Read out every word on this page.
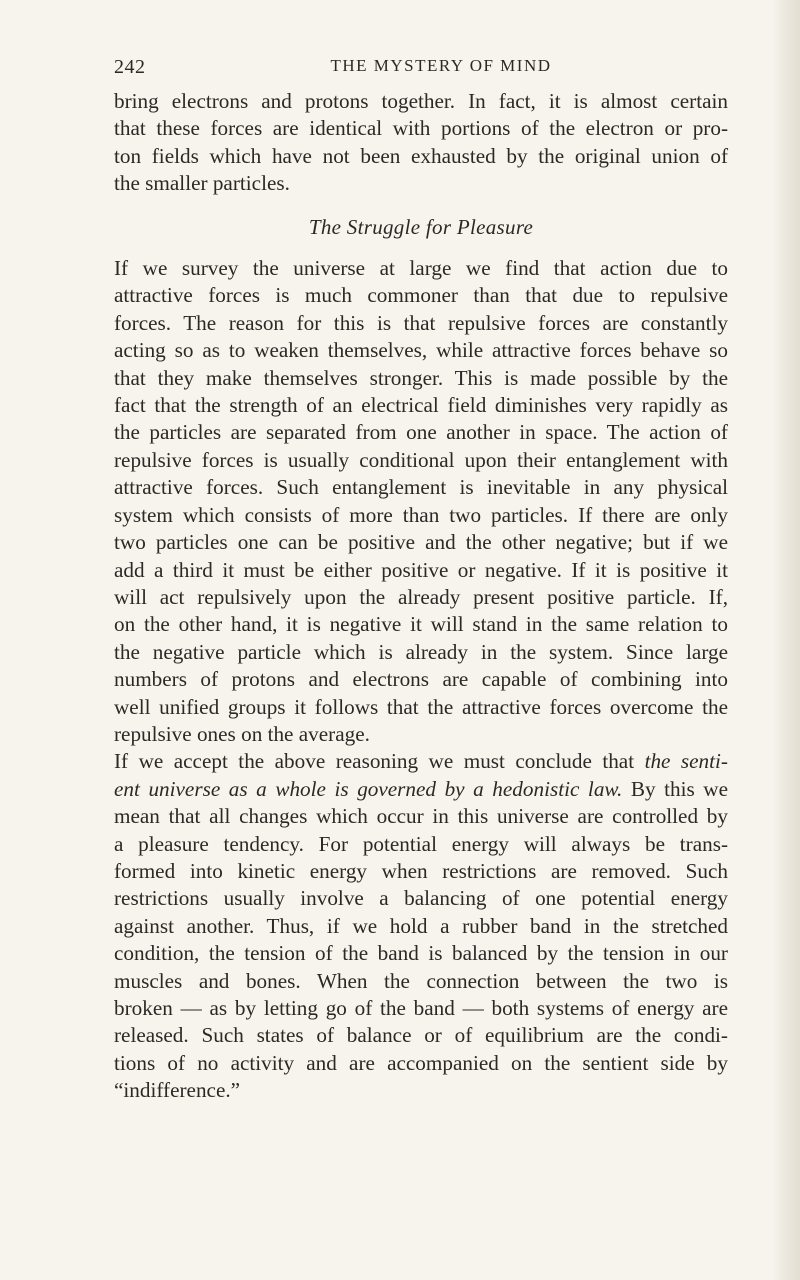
242	THE MYSTERY OF MIND
bring electrons and protons together. In fact, it is almost certain
that these forces are identical with portions of the electron or pro-
ton fields which have not been exhausted by the original union of
the smaller particles.
The Struggle for Pleasure
If we survey the universe at large we find that action due to
attractive forces is much commoner than that due to repulsive
forces. The reason for this is that repulsive forces are constantly
acting so as to weaken themselves, while attractive forces behave so
that they make themselves stronger. This is made possible by the
fact that the strength of an electrical field diminishes very rapidly as
the particles are separated from one another in space. The action of
repulsive forces is usually conditional upon their entanglement with
attractive forces. Such entanglement is inevitable in any physical
system which consists of more than two particles. If there are only
two particles one can be positive and the other negative; but if we
add a third it must be either positive or negative. If it is positive it
will act repulsively upon the already present positive particle. If,
on the other hand, it is negative it will stand in the same relation to
the negative particle which is already in the system. Since large
numbers of protons and electrons are capable of combining into
well unified groups it follows that the attractive forces overcome the
repulsive ones on the average.
If we accept the above reasoning we must conclude that the senti-
ent universe as a whole is governed by a hedonistic law. By this we
mean that all changes which occur in this universe are controlled by
a pleasure tendency. For potential energy will always be trans-
formed into kinetic energy when restrictions are removed. Such
restrictions usually involve a balancing of one potential energy
against another. Thus, if we hold a rubber band in the stretched
condition, the tension of the band is balanced by the tension in our
muscles and bones. When the connection between the two is
broken — as by letting go of the band — both systems of energy are
released. Such states of balance or of equilibrium are the condi-
tions of no activity and are accompanied on the sentient side by
“indifference.”
